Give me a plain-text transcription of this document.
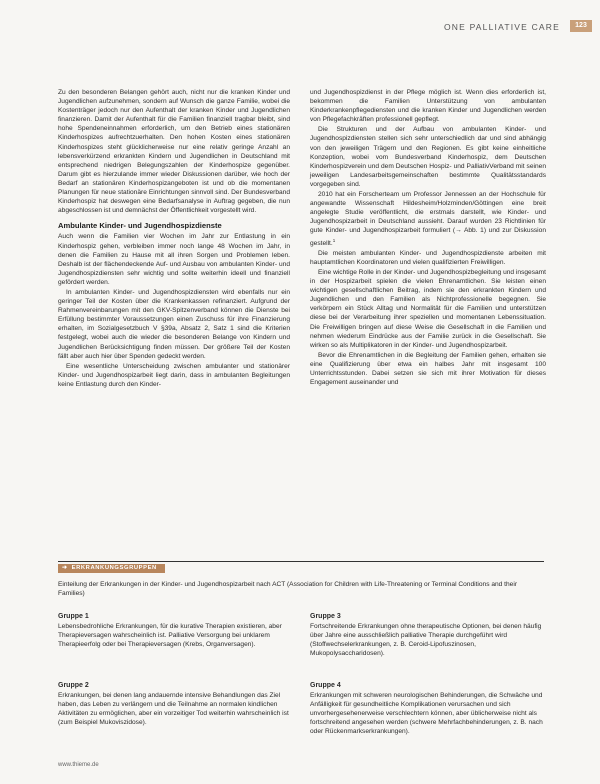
ONE PALLIATIVE CARE	123

Zu den besonderen Belangen gehört auch, nicht nur die kranken Kinder und Jugendlichen aufzunehmen, sondern auf Wunsch die ganze Familie, wobei die Kostenträger jedoch nur den Aufenthalt der kranken Kinder und Jugendlichen finanzieren. Damit der Aufenthalt für die Familien finanziell tragbar bleibt, sind hohe Spendeneinnahmen erforderlich, um den Betrieb eines stationären Kinderhospizes aufrechtzuerhalten. Den hohen Kosten eines stationären Kinderhospizes steht glücklicherweise nur eine relativ geringe Anzahl an lebensverkürzend erkrankten Kindern und Jugendlichen in Deutschland mit entsprechend niedrigen Belegungszahlen der Kinderhospize gegenüber. Darum gibt es hierzulande immer wieder Diskussionen darüber, wie hoch der Bedarf an stationären Kinderhospizangeboten ist und ob die momentanen Planungen für neue stationäre Einrichtungen sinnvoll sind. Der Bundesverband Kinderhospiz hat deswegen eine Bedarfsanalyse in Auftrag gegeben, die nun abgeschlossen ist und demnächst der Öffentlichkeit vorgestellt wird.

Ambulante Kinder- und Jugendhospizdienste

Auch wenn die Familien vier Wochen im Jahr zur Entlastung in ein Kinderhospiz gehen, verbleiben immer noch lange 48 Wochen im Jahr, in denen die Familien zu Hause mit all ihren Sorgen und Problemen leben. Deshalb ist der flächendeckende Auf- und Ausbau von ambulanten Kinder- und Jugendhospizdiensten sehr wichtig und sollte weiterhin ideell und finanziell gefördert werden.

In ambulanten Kinder- und Jugendhospizdiensten wird ebenfalls nur ein geringer Teil der Kosten über die Krankenkassen refinanziert. Aufgrund der Rahmenvereinbarungen mit den GKV-Spitzenverband können die Dienste bei Erfüllung bestimmter Voraussetzungen einen Zuschuss für ihre Finanzierung erhalten, im Sozialgesetzbuch V §39a, Absatz 2, Satz 1 sind die Kriterien festgelegt, wobei auch die wieder die besonderen Belange von Kindern und Jugendlichen Berücksichtigung finden müssen. Der größere Teil der Kosten fällt aber auch hier über Spenden gedeckt werden.

Eine wesentliche Unterscheidung zwischen ambulanter und stationärer Kinder- und Jugendhospizarbeit liegt darin, dass in ambulanten Begleitungen keine Entlastung durch den Kinder-

und Jugendhospizdienst in der Pflege möglich ist. Wenn dies erforderlich ist, bekommen die Familien Unterstützung von ambulanten Kinderkrankenpflegediensten und die kranken Kinder und Jugendlichen werden von Pflegefachkräften professionell gepflegt.

Die Strukturen und der Aufbau von ambulanten Kinder- und Jugendhospizdiensten stellen sich sehr unterschiedlich dar und sind abhängig von den jeweiligen Trägern und den Regionen. Es gibt keine einheitliche Konzeption, wobei vom Bundesverband Kinderhospiz, dem Deutschen Kinderhospizverein und dem Deutschen Hospiz- und PalliativVerband mit seinen jeweiligen Landesarbeitsgemeinschaften bestimmte Qualitätsstandards vorgegeben sind.

2010 hat ein Forscherteam um Professor Jennessen an der Hochschule für angewandte Wissenschaft Hildesheim/Holzminden/Göttingen eine breit angelegte Studie veröffentlicht, die erstmals darstellt, wie Kinder- und Jugendhospizarbeit in Deutschland aussieht. Darauf wurden 23 Richtlinien für gute Kinder- und Jugendhospizarbeit formuliert (→ Abb. 1) und zur Diskussion gestellt.$^1$

Die meisten ambulanten Kinder- und Jugendhospizdienste arbeiten mit hauptamtlichen Koordinatoren und vielen qualifizierten Freiwilligen.

Eine wichtige Rolle in der Kinder- und Jugendhospizbegleitung und insgesamt in der Hospizarbeit spielen die vielen Ehrenamtlichen. Sie leisten einen wichtigen gesellschaftlichen Beitrag, indem sie den erkrankten Kindern und Jugendlichen und den Familien als Nichtprofessionelle begegnen. Sie verkörpern ein Stück Alltag und Normalität für die Familien und unterstützen diese bei der Verarbeitung ihrer speziellen und momentanen Lebenssituation. Die Freiwilligen bringen auf diese Weise die Gesellschaft in die Familien und nehmen wiederum Eindrücke aus der Familie zurück in die Gesellschaft. Sie wirken so als Multiplikatoren in der Kinder- und Jugendhospizarbeit.

Bevor die Ehrenamtlichen in die Begleitung der Familien gehen, erhalten sie eine Qualifizierung über etwa ein halbes Jahr mit insgesamt 100 Unterrichtsstunden. Dabei setzen sie sich mit ihrer Motivation für dieses Engagement auseinander und

➜ ERKRANKUNGSGRUPPEN
Einteilung der Erkrankungen in der Kinder- und Jugendhospizarbeit nach ACT (Association for Children with Life-Threatening or Terminal Conditions and their Families)
Gruppe 1
Lebensbedrohliche Erkrankungen, für die kurative Therapien existieren, aber Therapieversagen wahrscheinlich ist. Palliative Versorgung bei unklarem Therapieerfolg oder bei Therapieversagen (Krebs, Organversagen).
Gruppe 2
Erkrankungen, bei denen lang andauernde intensive Behandlungen das Ziel haben, das Leben zu verlängern und die Teilnahme an normalen kindlichen Aktivitäten zu ermöglichen, aber ein vorzeitiger Tod weiterhin wahrscheinlich ist (zum Beispiel Mukoviszidose).
Gruppe 3
Fortschreitende Erkrankungen ohne therapeutische Optionen, bei denen häufig über Jahre eine ausschließlich palliative Therapie durchgeführt wird (Stoffwechselerkrankungen, z. B. Ceroid-Lipofuszinosen, Mukopolysaccharidosen).
Gruppe 4
Erkrankungen mit schweren neurologischen Behinderungen, die Schwäche und Anfälligkeit für gesundheitliche Komplikationen verursachen und sich unvorhergesehenerweise verschlechtern können, aber üblicherweise nicht als fortschreitend angesehen werden (schwere Mehrfachbehinderungen, z. B. nach oder Rückenmarkserkrankungen).
www.thieme.de
